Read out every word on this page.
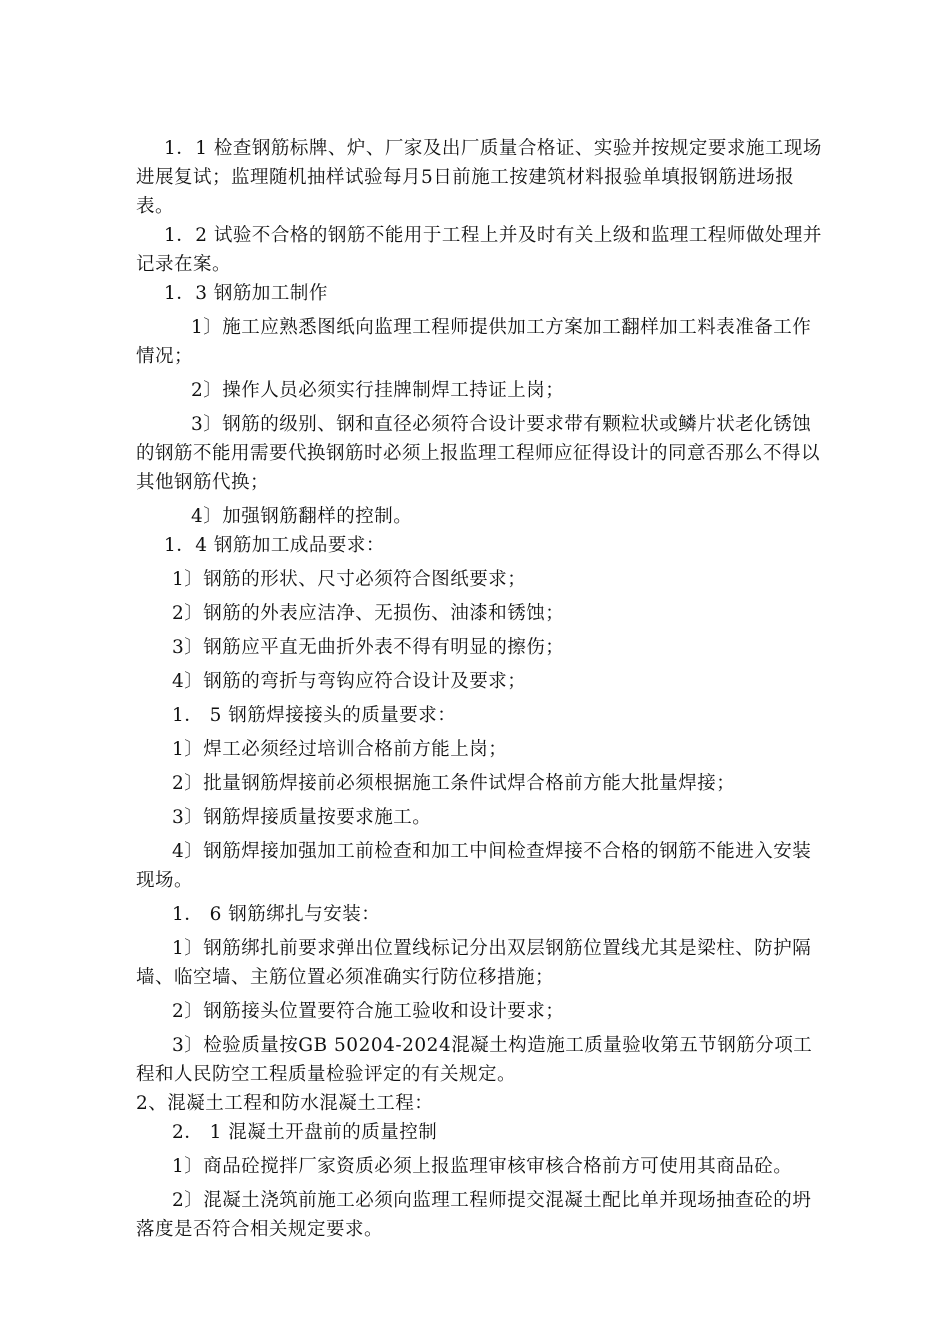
1．1 检查钢筋标牌、炉、厂家及出厂质量合格证、实验并按规定要求施工现场进展复试；监理随机抽样试验每月5日前施工按建筑材料报验单填报钢筋进场报表。

1．2 试验不合格的钢筋不能用于工程上并及时有关上级和监理工程师做处理并记录在案。

1．3 钢筋加工制作

1〕施工应熟悉图纸向监理工程师提供加工方案加工翻样加工料表准备工作情况；

2〕操作人员必须实行挂牌制焊工持证上岗；

3〕钢筋的级别、钢和直径必须符合设计要求带有颗粒状或鳞片状老化锈蚀的钢筋不能用需要代换钢筋时必须上报监理工程师应征得设计的同意否那么不得以其他钢筋代换；

4〕加强钢筋翻样的控制。

1．4 钢筋加工成品要求：

1〕钢筋的形状、尺寸必须符合图纸要求；

2〕钢筋的外表应洁净、无损伤、油漆和锈蚀；

3〕钢筋应平直无曲折外表不得有明显的擦伤；

4〕钢筋的弯折与弯钩应符合设计及要求；

1． 5 钢筋焊接接头的质量要求：

1〕焊工必须经过培训合格前方能上岗；

2〕批量钢筋焊接前必须根据施工条件试焊合格前方能大批量焊接；

3〕钢筋焊接质量按要求施工。

4〕钢筋焊接加强加工前检查和加工中间检查焊接不合格的钢筋不能进入安装现场。

1． 6 钢筋绑扎与安装：

1〕钢筋绑扎前要求弹出位置线标记分出双层钢筋位置线尤其是梁柱、防护隔墙、临空墙、主筋位置必须准确实行防位移措施；

2〕钢筋接头位置要符合施工验收和设计要求；

3〕检验质量按GB 50204-2024混凝土构造施工质量验收第五节钢筋分项工程和人民防空工程质量检验评定的有关规定。

2、混凝土工程和防水混凝土工程：

2． 1 混凝土开盘前的质量控制

1〕商品砼搅拌厂家资质必须上报监理审核审核合格前方可使用其商品砼。

2〕混凝土浇筑前施工必须向监理工程师提交混凝土配比单并现场抽查砼的坍落度是否符合相关规定要求。
